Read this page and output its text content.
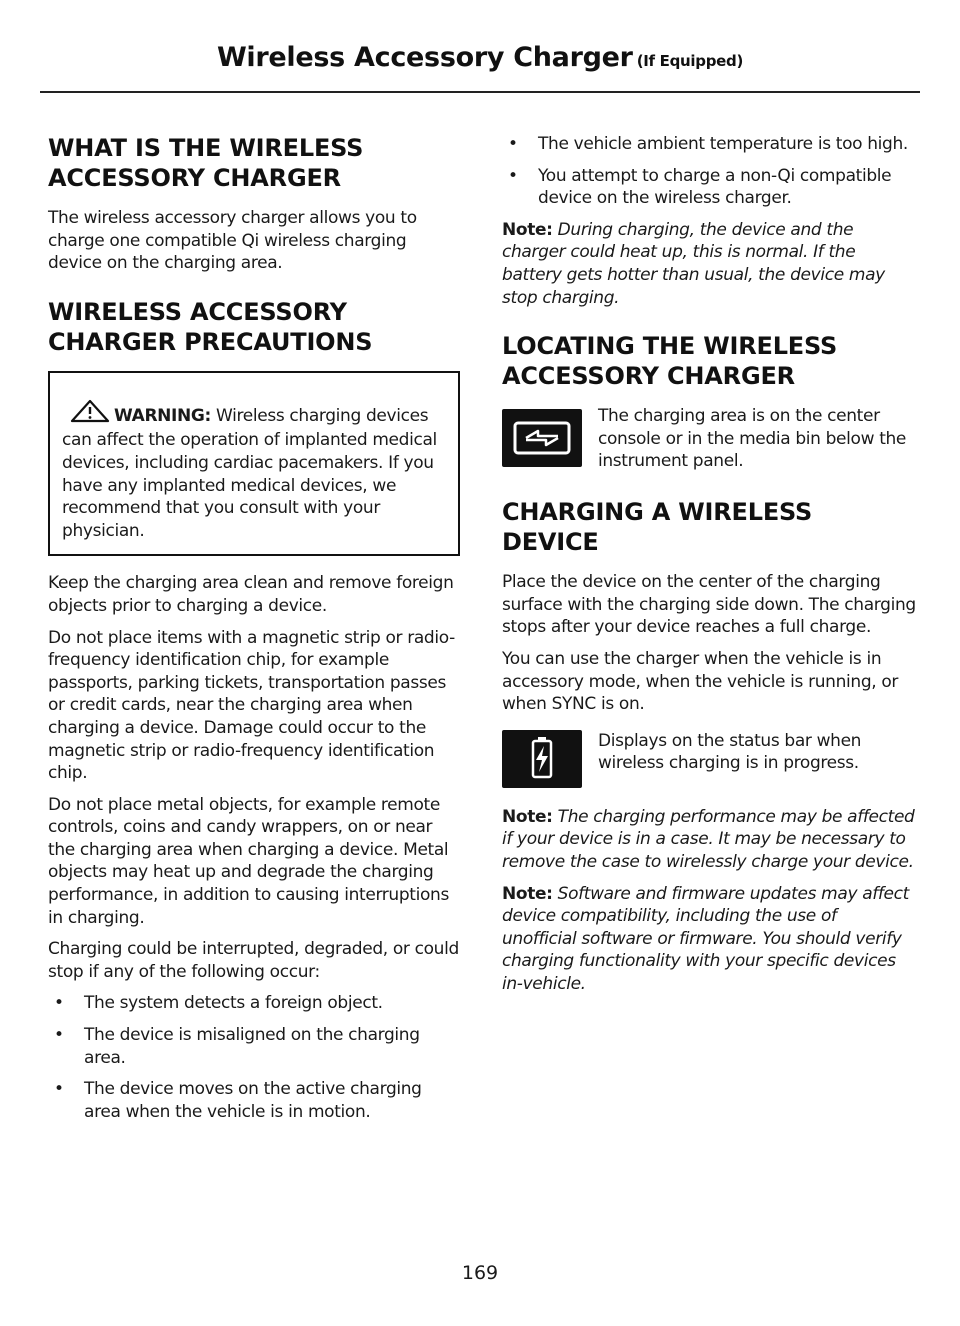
Wireless Accessory Charger (If Equipped)
WHAT IS THE WIRELESS ACCESSORY CHARGER

The wireless accessory charger allows you to charge one compatible Qi wireless charging device on the charging area.

WIRELESS ACCESSORY CHARGER PRECAUTIONS
WARNING: Wireless charging devices can affect the operation of implanted medical devices, including cardiac pacemakers. If you have any implanted medical devices, we recommend that you consult with your physician.

Keep the charging area clean and remove foreign objects prior to charging a device.

Do not place items with a magnetic strip or radio-frequency identification chip, for example passports, parking tickets, transportation passes or credit cards, near the charging area when charging a device. Damage could occur to the magnetic strip or radio-frequency identification chip.

Do not place metal objects, for example remote controls, coins and candy wrappers, on or near the charging area when charging a device. Metal objects may heat up and degrade the charging performance, in addition to causing interruptions in charging.

Charging could be interrupted, degraded, or could stop if any of the following occur:

• The system detects a foreign object.
• The device is misaligned on the charging area.
• The device moves on the active charging area when the vehicle is in motion.
• The vehicle ambient temperature is too high.
• You attempt to charge a non-Qi compatible device on the wireless charger.

Note: During charging, the device and the charger could heat up, this is normal. If the battery gets hotter than usual, the device may stop charging.

LOCATING THE WIRELESS ACCESSORY CHARGER

The charging area is on the center console or in the media bin below the instrument panel.

CHARGING A WIRELESS DEVICE

Place the device on the center of the charging surface with the charging side down. The charging stops after your device reaches a full charge.

You can use the charger when the vehicle is in accessory mode, when the vehicle is running, or when SYNC is on.

Displays on the status bar when wireless charging is in progress.

Note: The charging performance may be affected if your device is in a case. It may be necessary to remove the case to wirelessly charge your device.

Note: Software and firmware updates may affect device compatibility, including the use of unofficial software or firmware. You should verify charging functionality with your specific devices in-vehicle.

169
